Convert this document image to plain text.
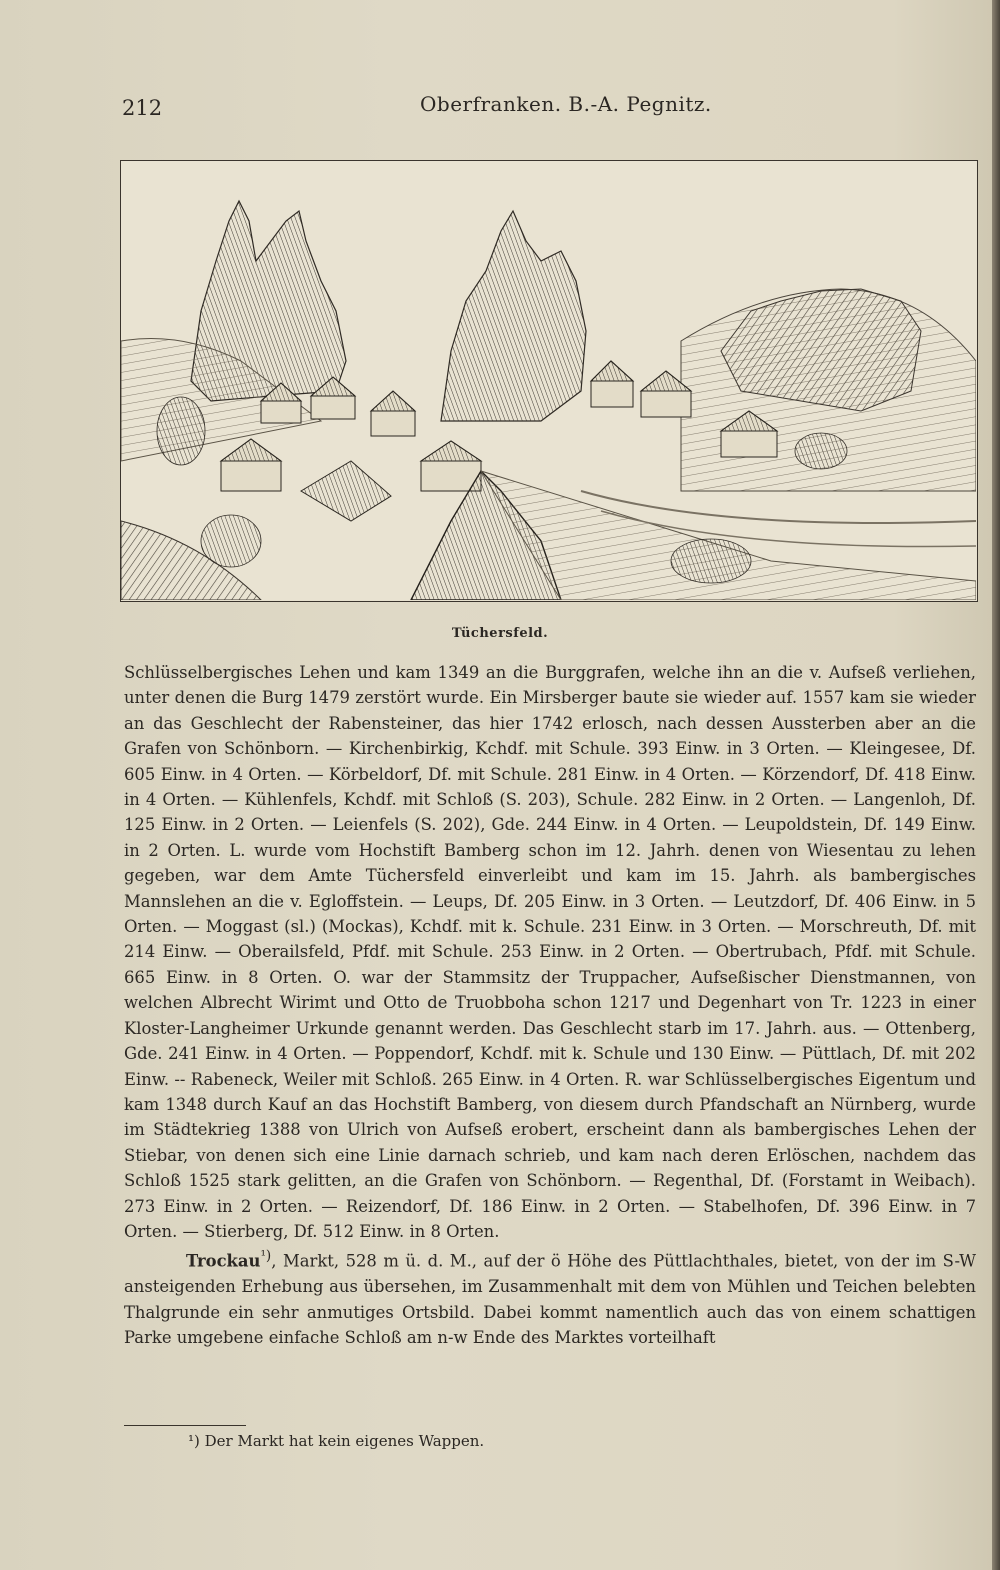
212	Oberfranken. B.-A. Pegnitz.
Tüchersfeld.

Schlüsselbergisches Lehen und kam 1349 an die Burggrafen, welche ihn an die v. Aufseß verliehen, unter denen die Burg 1479 zerstört wurde. Ein Mirsberger baute sie wieder auf. 1557 kam sie wieder an das Geschlecht der Rabensteiner, das hier 1742 erlosch, nach dessen Aussterben aber an die Grafen von Schönborn. — Kirchenbirkig, Kchdf. mit Schule. 393 Einw. in 3 Orten. — Kleingesee, Df. 605 Einw. in 4 Orten. — Körbeldorf, Df. mit Schule. 281 Einw. in 4 Orten. — Körzendorf, Df. 418 Einw. in 4 Orten. — Kühlenfels, Kchdf. mit Schloß (S. 203), Schule. 282 Einw. in 2 Orten. — Langenloh, Df. 125 Einw. in 2 Orten. — Leienfels (S. 202), Gde. 244 Einw. in 4 Orten. — Leupoldstein, Df. 149 Einw. in 2 Orten. L. wurde vom Hochstift Bamberg schon im 12. Jahrh. denen von Wiesentau zu lehen gegeben, war dem Amte Tüchersfeld einverleibt und kam im 15. Jahrh. als bambergisches Mannslehen an die v. Egloffstein. — Leups, Df. 205 Einw. in 3 Orten. — Leutzdorf, Df. 406 Einw. in 5 Orten. — Moggast (sl.) (Mockas), Kchdf. mit k. Schule. 231 Einw. in 3 Orten. — Morschreuth, Df. mit 214 Einw. — Oberailsfeld, Pfdf. mit Schule. 253 Einw. in 2 Orten. — Obertrubach, Pfdf. mit Schule. 665 Einw. in 8 Orten. O. war der Stammsitz der Truppacher, Aufseßischer Dienstmannen, von welchen Albrecht Wirimt und Otto de Truobboha schon 1217 und Degenhart von Tr. 1223 in einer Kloster-Langheimer Urkunde genannt werden. Das Geschlecht starb im 17. Jahrh. aus. — Ottenberg, Gde. 241 Einw. in 4 Orten. — Poppendorf, Kchdf. mit k. Schule und 130 Einw. — Püttlach, Df. mit 202 Einw. -- Rabeneck, Weiler mit Schloß. 265 Einw. in 4 Orten. R. war Schlüsselbergisches Eigentum und kam 1348 durch Kauf an das Hochstift Bamberg, von diesem durch Pfandschaft an Nürnberg, wurde im Städtekrieg 1388 von Ulrich von Aufseß erobert, erscheint dann als bambergisches Lehen der Stiebar, von denen sich eine Linie darnach schrieb, und kam nach deren Erlöschen, nachdem das Schloß 1525 stark gelitten, an die Grafen von Schönborn. — Regenthal, Df. (Forstamt in Weibach). 273 Einw. in 2 Orten. — Reizendorf, Df. 186 Einw. in 2 Orten. — Stabelhofen, Df. 396 Einw. in 7 Orten. — Stierberg, Df. 512 Einw. in 8 Orten.

Trockau$^{^1)}$, Markt, 528 m ü. d. M., auf der ö Höhe des Püttlachthales, bietet, von der im S-W ansteigenden Erhebung aus übersehen, im Zusammenhalt mit dem von Mühlen und Teichen belebten Thalgrunde ein sehr anmutiges Ortsbild. Dabei kommt namentlich auch das von einem schattigen Parke umgebene einfache Schloß am n-w Ende des Marktes vorteilhaft

¹) Der Markt hat kein eigenes Wappen.
